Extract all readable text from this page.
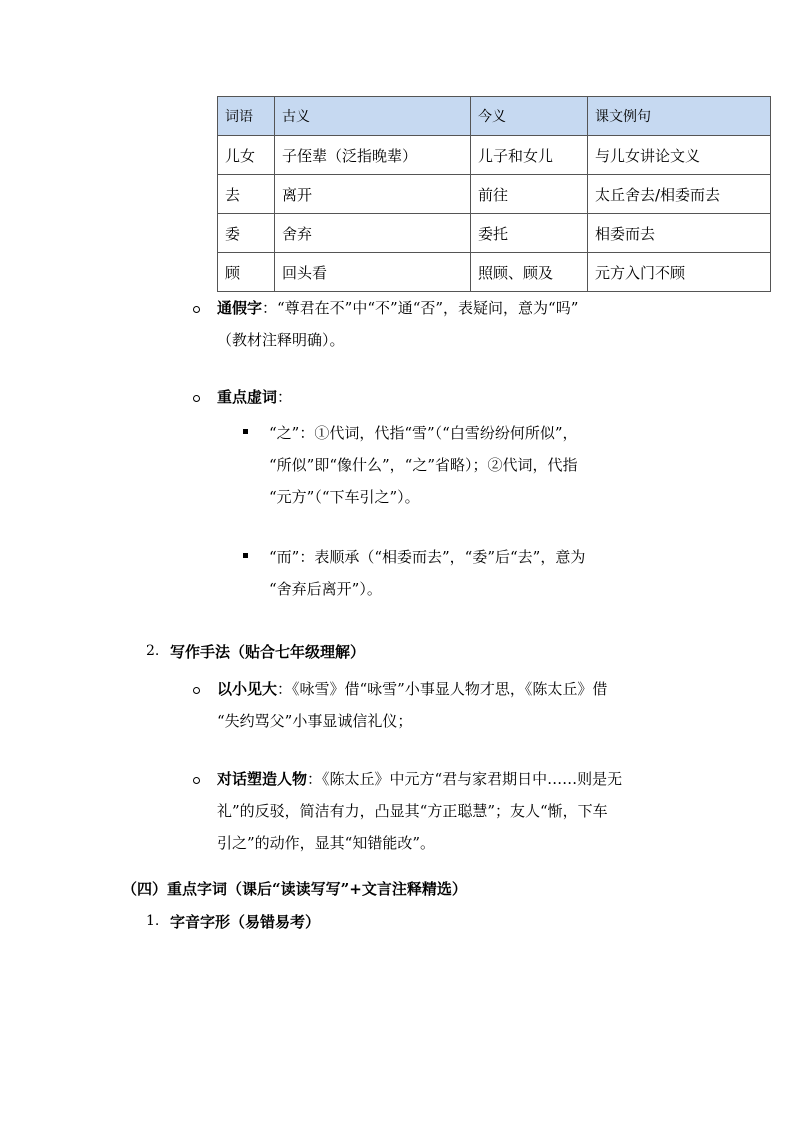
词语	古义	今义	课文例句
儿女	子侄辈（泛指晚辈）	儿子和女儿	与儿女讲论文义
去	离开	前往	太丘舍去/相委而去
委	舍弃	委托	相委而去
顾	回头看	照顾、顾及	元方入门不顾
通假字：“尊君在不”中“不”通“否”，表疑问，意为“吗”
（教材注释明确）。
重点虚词：
“之”：①代词，代指“雪”（“白雪纷纷何所似”，
“所似”即“像什么”，“之”省略）；②代词，代指
“元方”（“下车引之”）。
“而”：表顺承（“相委而去”，“委”后“去”，意为
“舍弃后离开”）。
2. 写作手法（贴合七年级理解）
以小见大：《咏雪》借“咏雪”小事显人物才思，《陈太丘》借
“失约骂父”小事显诚信礼仪；
对话塑造人物：《陈太丘》中元方“君与家君期日中……则是无
礼”的反驳，简洁有力，凸显其“方正聪慧”；友人“惭，下车
引之”的动作，显其“知错能改”。
（四）重点字词（课后“读读写写”+文言注释精选）
1. 字音字形（易错易考）
